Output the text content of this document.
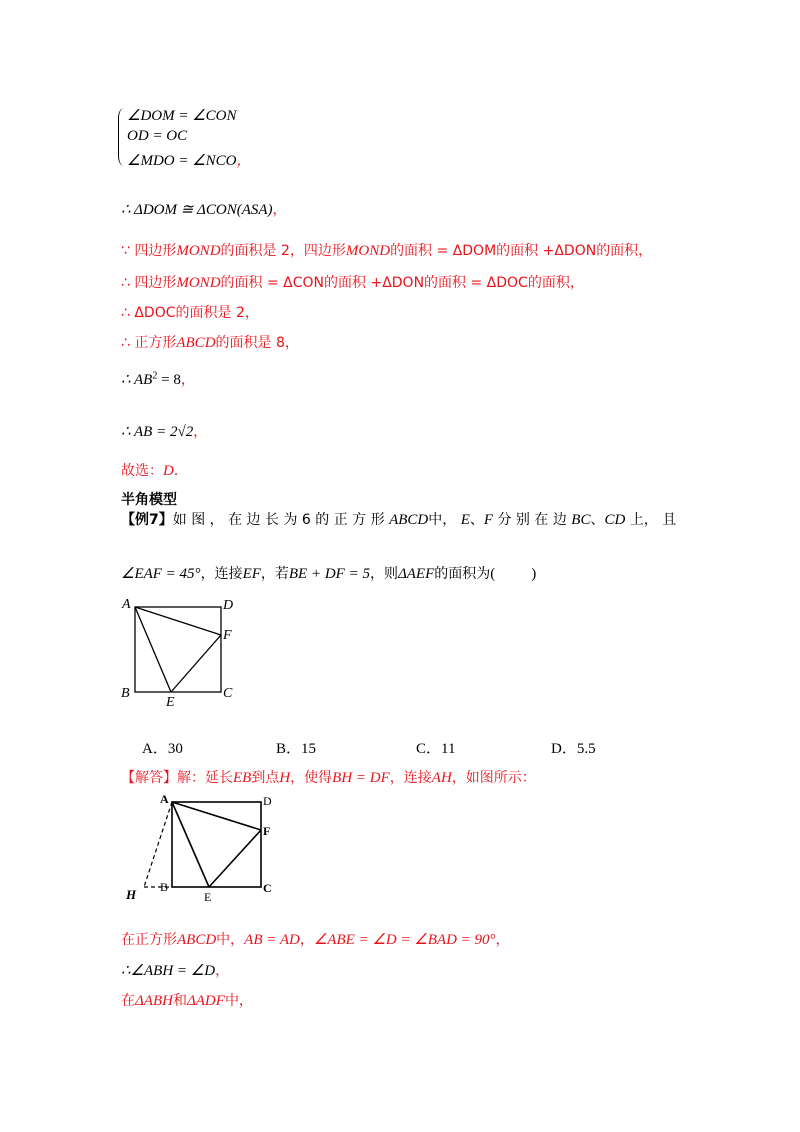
∠DOM = ∠CON
OD = OC
∠MDO = ∠NCO，
∴ ΔDOM ≅ ΔCON(ASA)，
∵ 四边形MOND的面积是 2，四边形MOND的面积 = ΔDOM的面积 +ΔDON的面积，
∴ 四边形MOND的面积 = ΔCON的面积 +ΔDON的面积 = ΔDOC的面积，
∴ ΔDOC的面积是 2，
∴ 正方形ABCD的面积是 8，
∴ $AB^2 = 8$，
∴ AB = 2√2，
故选：D．
半角模型
【例7】如 图 ， 在 边 长 为 6 的 正 方 形 ABCD中， E、F 分 别 在 边 BC、CD 上， 且
∠EAF = 45°，连接EF，若BE + DF = 5，则ΔAEF的面积为( )
A	D
F
B	C
E
A．30	B．15	C．11	D．5.5
【解答】解：延长EB到点H，使得BH = DF，连接AH，如图所示：
A	D
F
B	C
E
H
在正方形ABCD中，AB = AD，∠ABE = ∠D = ∠BAD = 90°，
∴∠ABH = ∠D，
在ΔABH和ΔADF中，
